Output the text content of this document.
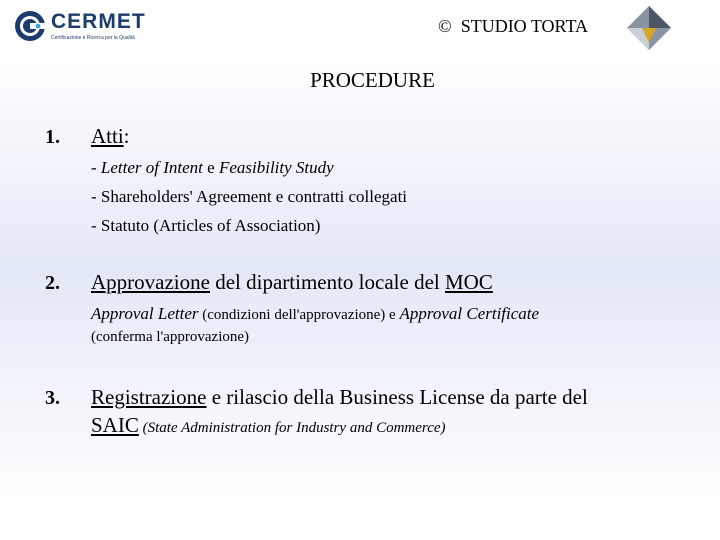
CERMET
Certificazione e Ricerca per la Qualità
© STUDIO TORTA
PROCEDURE
1. Atti:
- Letter of Intent e Feasibility Study
- Shareholders' Agreement e contratti collegati
- Statuto (Articles of Association)
2. Approvazione del dipartimento locale del MOC
Approval Letter (condizioni dell'approvazione) e Approval Certificate
(conferma l'approvazione)
3. Registrazione e rilascio della Business License da parte del
SAIC (State Administration for Industry and Commerce)
